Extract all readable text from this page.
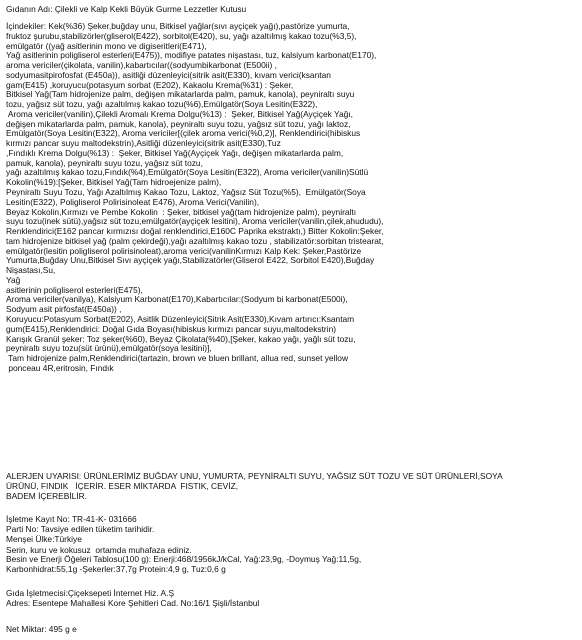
Gıdanın Adı: Çilekli ve Kalp Kekli Büyük Gurme Lezzetler Kutusu
İçindekiler: Kek(%36) Şeker,buğday unu, Bitkisel yağlar(sıvı ayçiçek yağı),pastörize yumurta,
fruktoz şurubu,stabilizörler(gliserol(E422), sorbitol(E420), su, yağı azaltılmış kakao tozu(%3,5),
emülgatör ((yağ asitlerinin mono ve digiseritleri(E471),
Yağ asitlerinin poligliserol esterleri(E475)), modifiye patates nişastası, tuz, kalsiyum karbonat(E170),
aroma vericiler(çikolata, vanilin),kabartıcılar((sodyumbikarbonat (E500ii) ,
sodyumasitpirofosfat (E450a)), asitliği düzenleyici(sitrik asit(E330), kıvam verici(ksantan
gam(E415) ,koruyucu(potasyum sorbat (E202), Kakaolu Krema(%31) : Şeker,
Bitkisel Yağ(Tam hidrojenize palm, değişen mikatarlarda palm, pamuk, kanola), peyniraltı suyu
tozu, yağsız süt tozu, yağı azaltılmış kakao tozu(%6),Emülgatör(Soya Lesitin(E322),
Aroma vericiler(vanilin),Çilekli Aromalı Krema Dolgu(%13) :  Şeker, Bitkisel Yağ(Ayçiçek Yağı,
değişen mikatarlarda palm, pamuk, kanola), peyniraltı suyu tozu, yağsız süt tozu, yağı laktoz,
Emülgatör(Soya Lesitin(E322), Aroma vericiler[(çilek aroma verici(%0,2)], Renklendirici(hibiskus
kırmızı pancar suyu maltodekstrin),Asitliği düzenleyici(sitrik asit(E330),Tuz
,Fındıklı Krema Dolgu(%13) :  Şeker, Bitkisel Yağ(Ayçiçek Yağı, değişen mikatarlarda palm,
pamuk, kanola), peyniraltı suyu tozu, yağsız süt tozu,
yağı azaltılmış kakao tozu,Fındık(%4),Emülgatör(Soya Lesitin(E322), Aroma vericiler(vanilin)Sütlü
Kokolin(%19):[Şeker, Bitkisel Yağ(Tam hidroejenize palm),
Peyniraltı Suyu Tozu, Yağı Azaltılmış Kakao Tozu, Laktoz, Yağsız Süt Tozu(%5),  Emülgatör(Soya
Lesitin(E322), Poligliserol Polirisinoleat E476), Aroma Verici(Vanilin),
Beyaz Kokolin,Kırmızı ve Pembe Kokolin  : Şeker, bitkisel yağ(tam hidrojenize palm), peyniraltı
suyu tozu(inek sütü),yağsız süt tozu,emülgatör(ayçiçek lesitini), Aroma vericiler(vanilin,çilek,ahududu),
Renklendirici(E162 pancar kırmızısı doğal renklendirici,E160C Paprika ekstraktı,) Bitter Kokolin:Şeker,
tam hidrojenize bitkisel yağ (palm çekirdeği),yağı azaltılmış kakao tozu , stabilizatör:sorbitan tristearat,
emülgatör(lesitin poligliserol polirisinoleat),aroma verici(vanilinKırmızı Kalp Kek: Şeker,Pastörize
Yumurta,Buğday Unu,Bitkisel Sıvı ayçiçek yağı,Stabilizatörler(Gliserol E422, Sorbitol E420),Buğday
Nişastası,Su,
Yağ
asitlerinin poligliserol esterleri(E475),
Aroma vericiler(vanilya), Kalsiyum Karbonat(E170),Kabartıcılar:(Sodyum bi karbonat(E500i),
Sodyum asit pirfosfat(E450a)) ,
Koruyucu:Potasyum Sorbat(E202), Asitlik Düzenleyici(Sitrik Asit(E330),Kıvam artırıcı:Ksantam
gum(E415),Renklendirici: Doğal Gıda Boyası(hibiskus kırmızı pancar suyu,maltodekstrin)
Karışık Granül şeker: Toz şeker(%60), Beyaz Çikolata(%40),[Şeker, kakao yağı, yağlı süt tozu,
peyniraltı suyu tozu(süt ürünü),emülgatör(soya lesitini)],
Tam hidrojenize palm,Renklendirici(tartazin, brown ve bluen brillant, allua red, sunset yellow
ponceau 4R,eritrosin, Fındık
ALERJEN UYARISI: ÜRÜNLERİMİZ BUĞDAY UNU, YUMURTA, PEYNİRALTI SUYU, YAĞSIZ SÜT TOZU VE SÜT ÜRÜNLERİ,SOYA
ÜRÜNÜ, FINDIK   İÇERİR. ESER MİKTARDA  FISTIK, CEVİZ,
BADEM İÇEREBİLİR.
İşletme Kayıt No: TR-41-K- 031666
Parti No: Tavsiye edilen tüketim tarihidir.
Menşei Ülke:Türkiye
Serin, kuru ve kokusuz  ortamda muhafaza ediniz.
Besin ve Enerji Öğeleri Tablosu(100 g): Enerji:468/1956kJ/kCal, Yağ:23,9g, -Doymuş Yağ:11,5g,
Karbonhidrat:55,1g -Şekerler:37,7g Protein:4,9 g, Tuz:0,6 g
Gıda İşletmecisi:Çiçeksepeti İnternet Hiz. A.Ş
Adres: Esentepe Mahallesi Kore Şehitleri Cad. No:16/1 Şişli/İstanbul
Net Miktar: 495 g e
